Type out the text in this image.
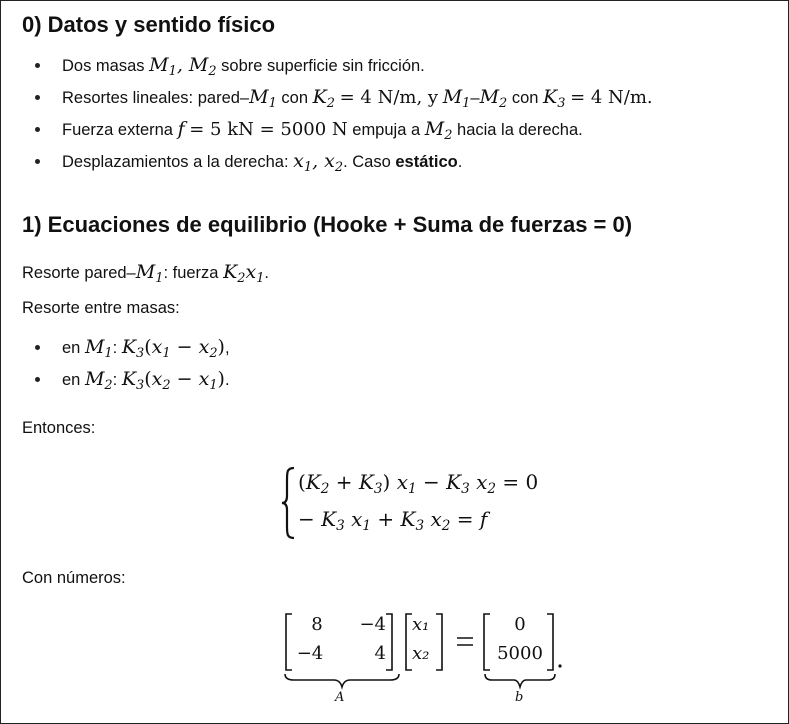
0) Datos y sentido físico
Dos masas $M_1$, $M_2$ sobre superficie sin fricción.
Resortes lineales: pared–$M_1$ con $K_2 = 4$ N/m, y $M_1-M_2$ con $K_3 = 4$ N/m.
Fuerza externa f = 5 kN = 5000 N empuja a $M_2$ hacia la derecha.
Desplazamientos a la derecha: $x_1$, $x_2$. Caso estático.
1) Ecuaciones de equilibrio (Hooke + Suma de fuerzas = 0)

Resorte pared–$M_1$: fuerza $K_2x_1$.

Resorte entre masas:

en $M_1$: $K_3(x_1 - x_2)$,
en $M_2$: $K_3(x_2 - x_1)$.

Entonces:

$(K_2 + K_3) x_1 - K_3$ $x_2 = 0$
− $K_3$ $x_1 + K_3$ $x_2 = f$

Con números:

8	−4
−4	4
x₁
x₂
0
5000
A	b
